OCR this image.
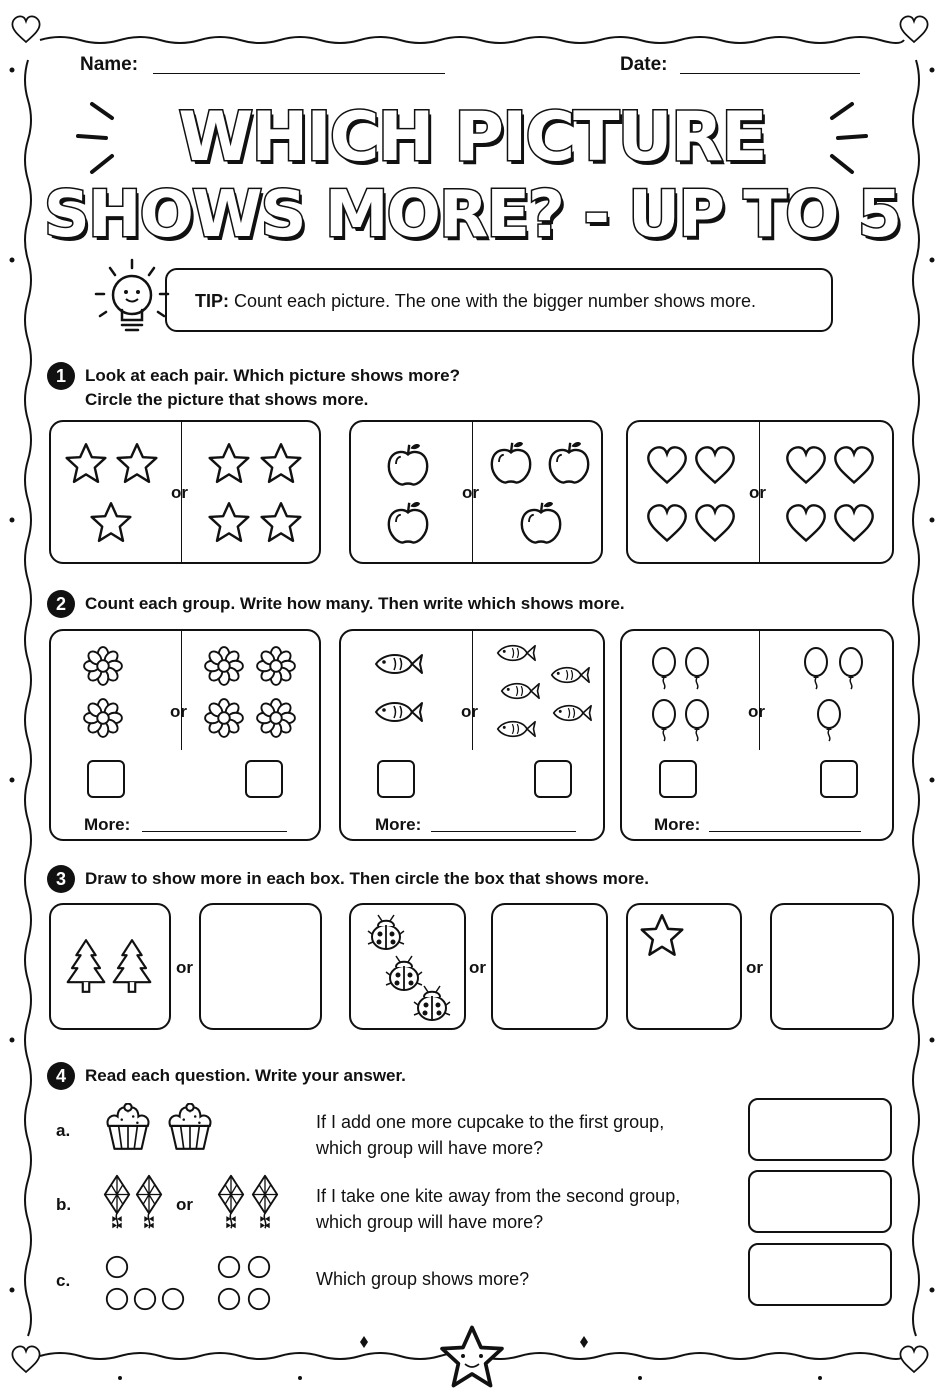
Name:	Date:
WHICH PICTURE
SHOWS MORE? - UP TO 5
TIP: Count each picture. The one with the bigger number shows more.
1	Look at each pair. Which picture shows more?
Circle the picture that shows more.
or	or	or
2	Count each group. Write how many. Then write which shows more.
or
More:
or
More:
or
More:
3	Draw to show more in each box. Then circle the box that shows more.
or	or	or
4	Read each question. Write your answer.
a.	If I add one more cupcake to the first group,
which group will have more?
b.	or	If I take one kite away from the second group,
which group will have more?
c.	Which group shows more?
